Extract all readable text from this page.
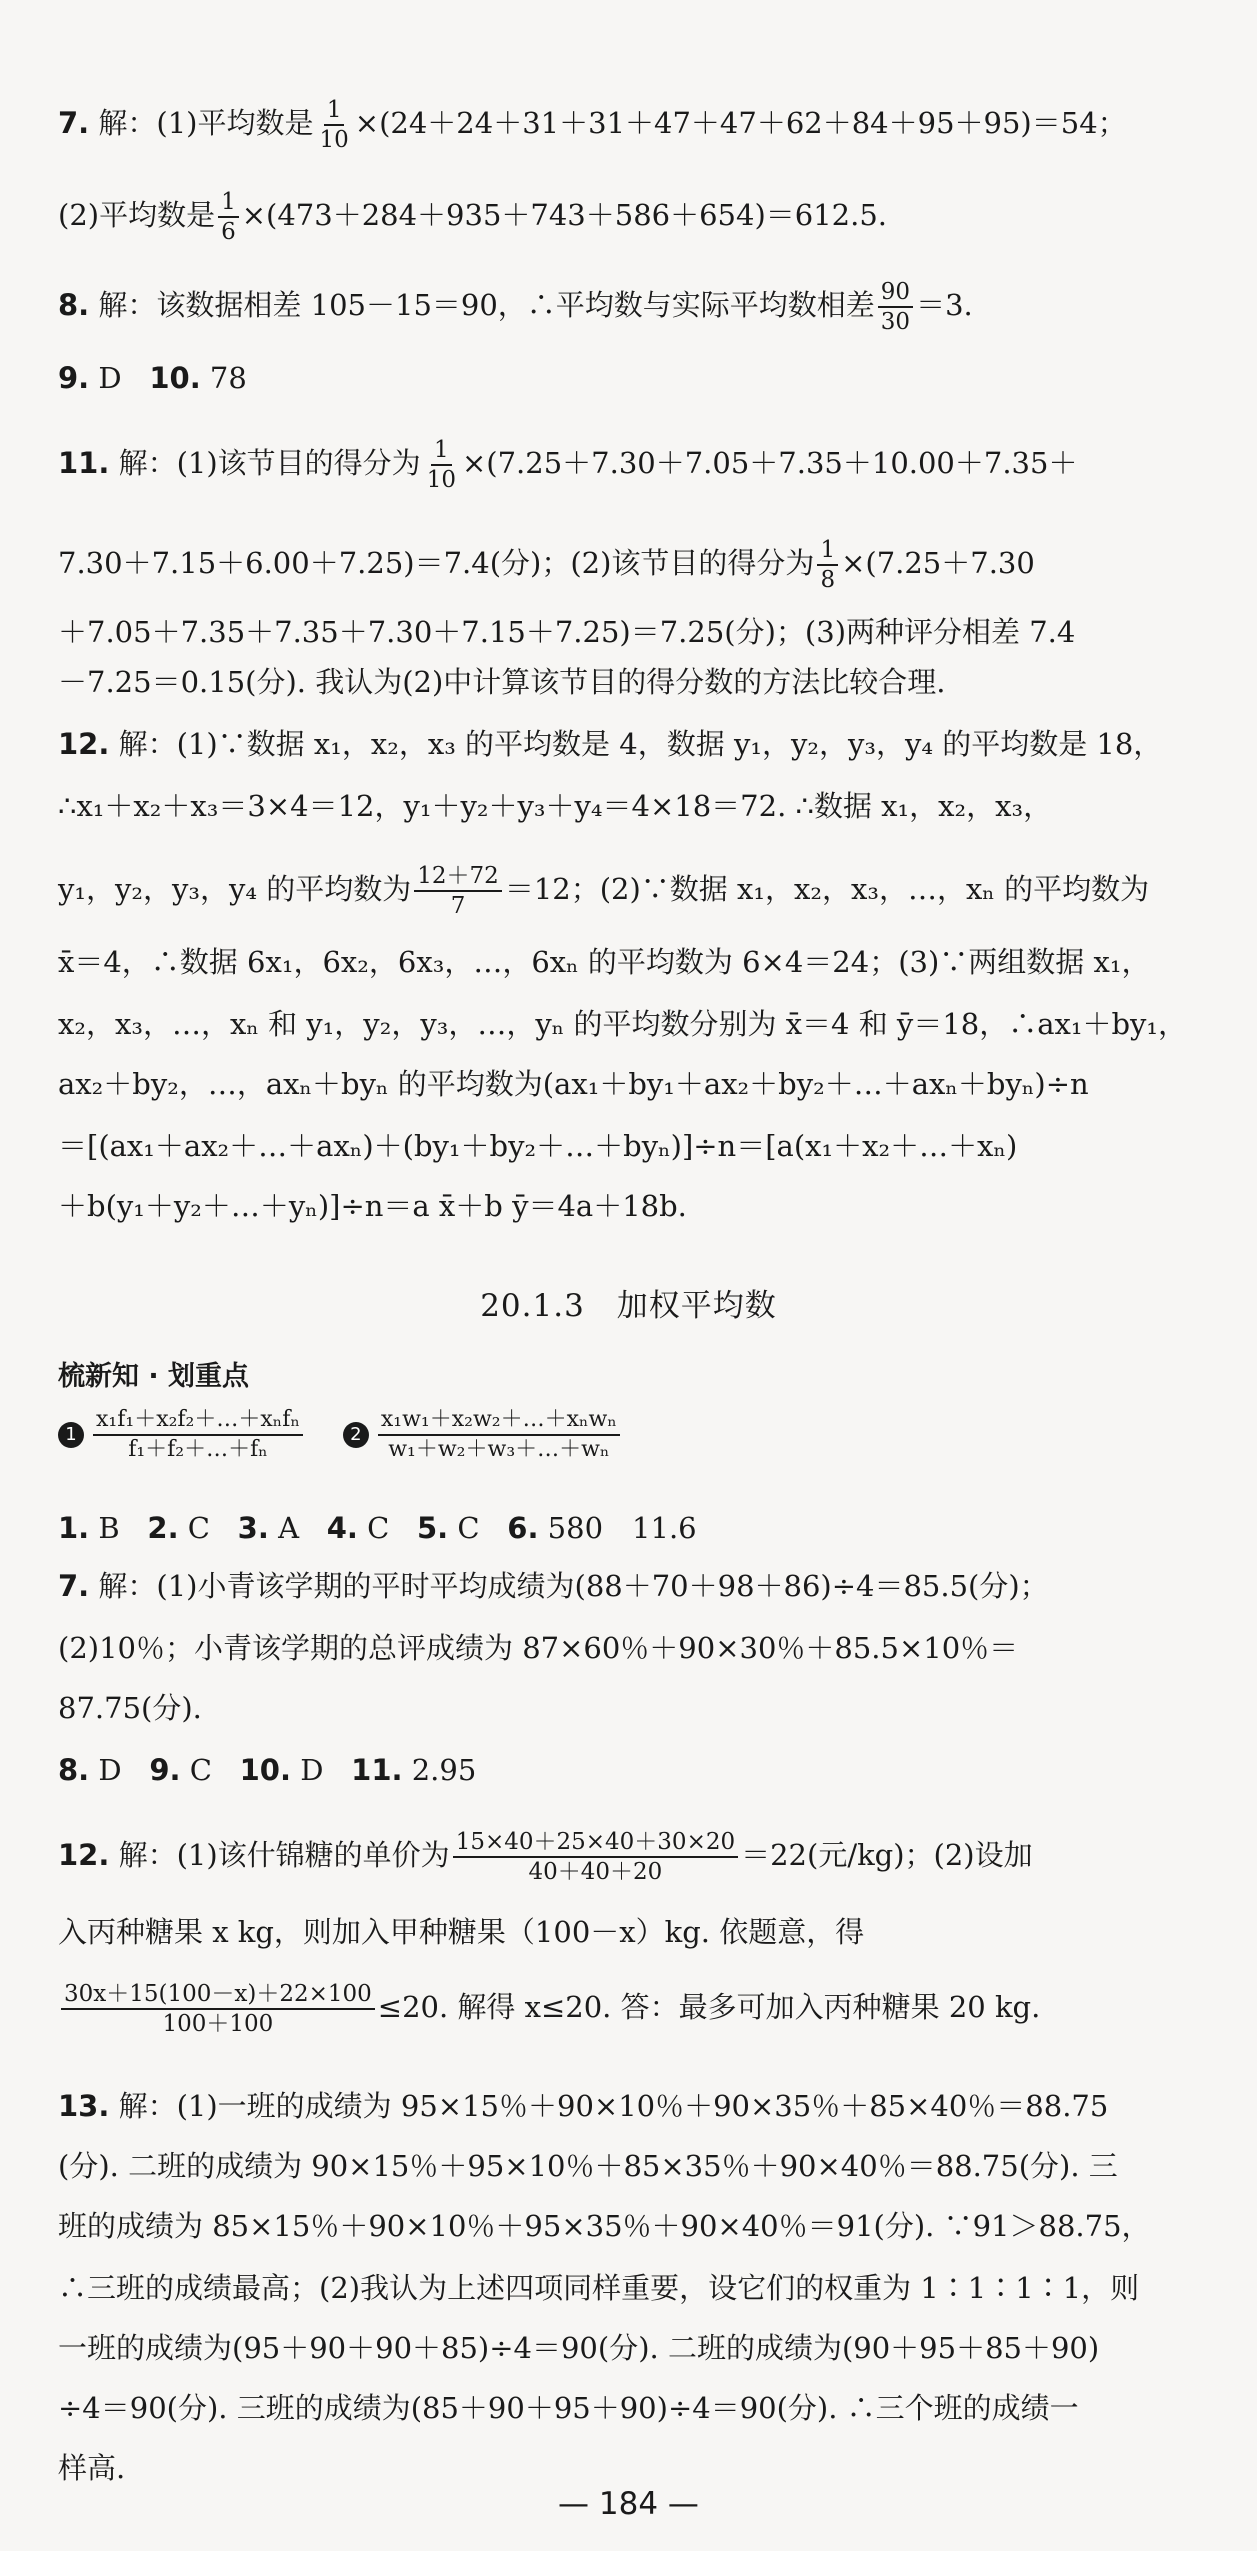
7. 解：(1)平均数是 $\frac{1}{10} \times(24+24+31+31+47+47+62+84+95+95)=54$；
(2)平均数是 $\frac{1}{6} \times(473+284+935+743+586+654)=612.5$.
8. 解：该数据相差 105－15＝90，∴平均数与实际平均数相差 $\frac{90}{30} =3$.
9. D 10. 78
11. 解：(1)该节目的得分为 $\frac{1}{10} \times(7.25+7.30+7.05+7.35+10.00+7.35+$
7.30＋7.15＋6.00＋7.25)＝7.4(分)；(2)该节目的得分为 $\frac{1}{8} \times(7.25+7.30$
＋7.05＋7.35＋7.35＋7.30＋7.15＋7.25)＝7.25(分)；(3)两种评分相差 7.4
－7.25＝0.15(分). 我认为(2)中计算该节目的得分数的方法比较合理.
12. 解：(1)∵数据 x₁，x₂，x₃ 的平均数是 4，数据 y₁，y₂，y₃，y₄ 的平均数是 18，
∴x₁＋x₂＋x₃＝3×4＝12，y₁＋y₂＋y₃＋y₄＝4×18＝72. ∴数据 x₁，x₂，x₃，
y₁，y₂，y₃，y₄ 的平均数为 $\frac{12+72}{7} =12$；(2)∵数据 x₁，x₂，x₃，…，xₙ 的平均数为
x̄＝4，∴数据 6x₁，6x₂，6x₃，…，6xₙ 的平均数为 6×4＝24；(3)∵两组数据 x₁，
x₂，x₃，…，xₙ 和 y₁，y₂，y₃，…，yₙ 的平均数分别为 x̄＝4 和 ȳ＝18，∴ax₁＋by₁，
ax₂＋by₂，…，axₙ＋byₙ 的平均数为(ax₁＋by₁＋ax₂＋by₂＋…＋axₙ＋byₙ)÷n
＝[(ax₁＋ax₂＋…＋axₙ)＋(by₁＋by₂＋…＋byₙ)]÷n＝[a(x₁＋x₂＋…＋xₙ)
＋b(y₁＋y₂＋…＋yₙ)]÷n＝a x̄＋b ȳ＝4a＋18b.
20.1.3　加权平均数
梳新知 · 划重点
$1 \frac{\text{x₁f₁＋x₂f₂＋…＋xₙfₙ}}{\text{f₁＋f₂＋…＋fₙ}}$	$2 \frac{\text{x₁w₁＋x₂w₂＋…＋xₙwₙ}}{\text{w₁＋w₂＋w₃＋…＋wₙ}}$
1. B 2. C 3. A 4. C 5. C 6. 580　11.6
7. 解：(1)小青该学期的平时平均成绩为(88＋70＋98＋86)÷4＝85.5(分)；
(2)10％；小青该学期的总评成绩为 87×60％＋90×30％＋85.5×10％＝
87.75(分).
8. D 9. C 10. D 11. 2.95
12. 解：(1)该什锦糖的单价为 $\frac{15\times 40+25\times 40+30\times 20}{40+40+20} =22$(元/kg)；(2)设加
入丙种糖果 x kg，则加入甲种糖果（100－x）kg. 依题意，得
$\frac{30x+15(100-x)+22\times 100}{100+100} \le 20$. 解得 x≤20. 答：最多可加入丙种糖果 20 kg.
13. 解：(1)一班的成绩为 95×15％＋90×10％＋90×35％＋85×40％＝88.75
(分). 二班的成绩为 90×15％＋95×10％＋85×35％＋90×40％＝88.75(分). 三
班的成绩为 85×15％＋90×10％＋95×35％＋90×40％＝91(分). ∵91＞88.75，
∴三班的成绩最高；(2)我认为上述四项同样重要，设它们的权重为 1∶1∶1∶1，则
一班的成绩为(95＋90＋90＋85)÷4＝90(分). 二班的成绩为(90＋95＋85＋90)
÷4＝90(分). 三班的成绩为(85＋90＋95＋90)÷4＝90(分). ∴三个班的成绩一
样高.
— 184 —
